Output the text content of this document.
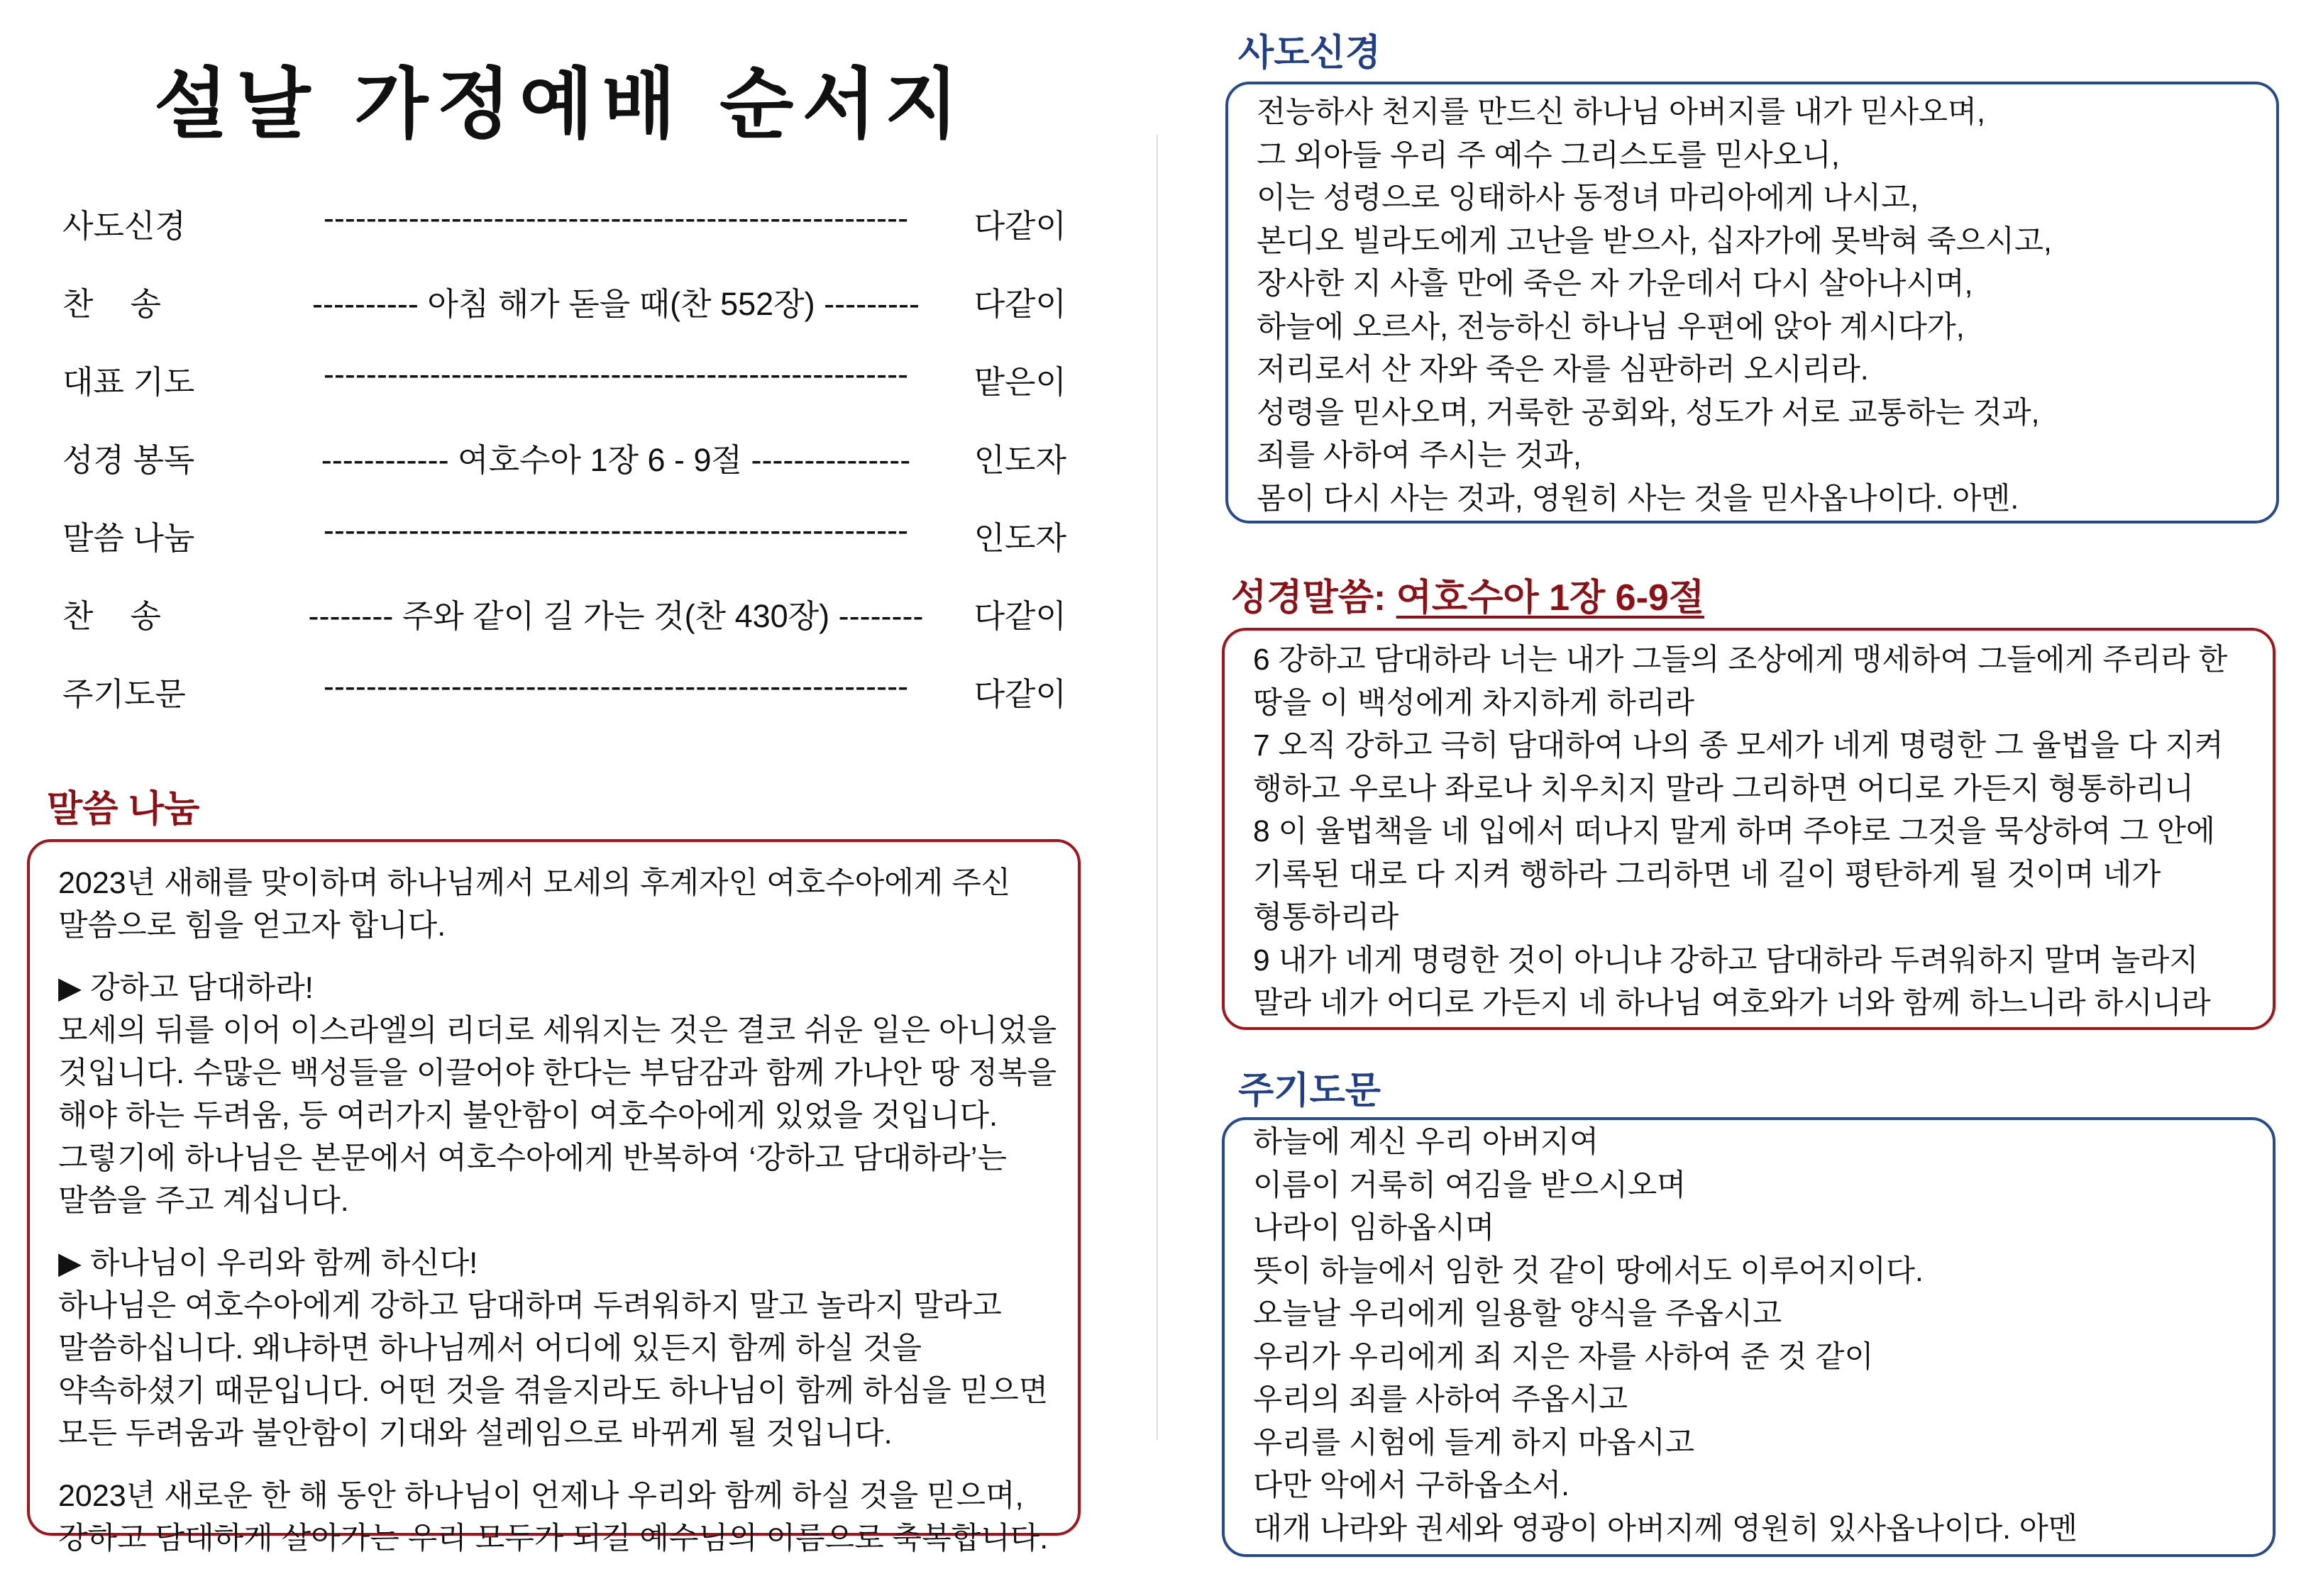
설날 가정예배 순서지
사도신경	-------------------------------------------------------	다같이
찬송	---------- 아침 해가 돋을 때(찬 552장) ---------	다같이
대표 기도	-------------------------------------------------------	맡은이
성경 봉독	------------ 여호수아 1장 6 - 9절 ---------------	인도자
말씀 나눔	-------------------------------------------------------	인도자
찬송	-------- 주와 같이 길 가는 것(찬 430장) --------	다같이
주기도문	-------------------------------------------------------	다같이
말씀 나눔

2023년 새해를 맞이하며 하나님께서 모세의 후계자인 여호수아에게 주신

말씀으로 힘을 얻고자 합니다.

▶ 강하고 담대하라!

모세의 뒤를 이어 이스라엘의 리더로 세워지는 것은 결코 쉬운 일은 아니었을

것입니다. 수많은 백성들을 이끌어야 한다는 부담감과 함께 가나안 땅 정복을

해야 하는 두려움, 등 여러가지 불안함이 여호수아에게 있었을 것입니다.

그렇기에 하나님은 본문에서 여호수아에게 반복하여 ‘강하고 담대하라’는

말씀을 주고 계십니다.

▶ 하나님이 우리와 함께 하신다!

하나님은 여호수아에게 강하고 담대하며 두려워하지 말고 놀라지 말라고

말씀하십니다. 왜냐하면 하나님께서 어디에 있든지 함께 하실 것을

약속하셨기 때문입니다. 어떤 것을 겪을지라도 하나님이 함께 하심을 믿으면

모든 두려움과 불안함이 기대와 설레임으로 바뀌게 될 것입니다.

2023년 새로운 한 해 동안 하나님이 언제나 우리와 함께 하실 것을 믿으며,

강하고 담대하게 살아가는 우리 모두가 되길 예수님의 이름으로 축복합니다.

사도신경
전능하사 천지를 만드신 하나님 아버지를 내가 믿사오며,
그 외아들 우리 주 예수 그리스도를 믿사오니,
이는 성령으로 잉태하사 동정녀 마리아에게 나시고,
본디오 빌라도에게 고난을 받으사, 십자가에 못박혀 죽으시고,
장사한 지 사흘 만에 죽은 자 가운데서 다시 살아나시며,
하늘에 오르사, 전능하신 하나님 우편에 앉아 계시다가,
저리로서 산 자와 죽은 자를 심판하러 오시리라.
성령을 믿사오며, 거룩한 공회와, 성도가 서로 교통하는 것과,
죄를 사하여 주시는 것과,
몸이 다시 사는 것과, 영원히 사는 것을 믿사옵나이다. 아멘.
성경말씀: 여호수아 1장 6-9절
6 강하고 담대하라 너는 내가 그들의 조상에게 맹세하여 그들에게 주리라 한
땅을 이 백성에게 차지하게 하리라
7 오직 강하고 극히 담대하여 나의 종 모세가 네게 명령한 그 율법을 다 지켜
행하고 우로나 좌로나 치우치지 말라 그리하면 어디로 가든지 형통하리니
8 이 율법책을 네 입에서 떠나지 말게 하며 주야로 그것을 묵상하여 그 안에
기록된 대로 다 지켜 행하라 그리하면 네 길이 평탄하게 될 것이며 네가
형통하리라
9 내가 네게 명령한 것이 아니냐 강하고 담대하라 두려워하지 말며 놀라지
말라 네가 어디로 가든지 네 하나님 여호와가 너와 함께 하느니라 하시니라
주기도문
하늘에 계신 우리 아버지여
이름이 거룩히 여김을 받으시오며
나라이 임하옵시며
뜻이 하늘에서 임한 것 같이 땅에서도 이루어지이다.
오늘날 우리에게 일용할 양식을 주옵시고
우리가 우리에게 죄 지은 자를 사하여 준 것 같이
우리의 죄를 사하여 주옵시고
우리를 시험에 들게 하지 마옵시고
다만 악에서 구하옵소서.
대개 나라와 권세와 영광이 아버지께 영원히 있사옵나이다. 아멘
